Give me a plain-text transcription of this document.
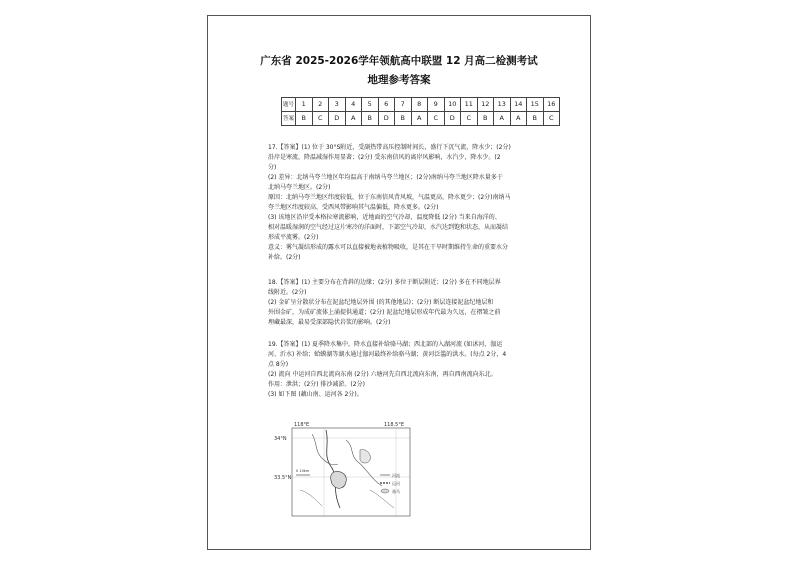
广东省 2025-2026学年领航高中联盟 12 月高二检测考试
地理参考答案
题号	1	2	3	4	5	6	7	8	9	10	11	12	13	14	15	16
答案	B	C	D	A	B	D	B	A	C	D	C	B	A	A	B	C

17.【答案】(1) 位于 30°S附近，受副热带高压控制时间长，盛行下沉气流，降水少；(2分)

沿岸是寒流，降温减湿作用显著；(2分) 受东南信风的离岸风影响，水汽少，降水少。(2

分)

(2) 差异：北纳马夸兰地区年均温高于南纳马夸兰地区；(2分)南纳马夸兰地区降水量多于

北纳马夸兰地区。(2分)

原因：北纳马夸兰地区纬度较低，位于东南信风背风坡，气温更高，降水更少；(2分)南纳马

夸兰地区纬度较高，受西风带影响其气温偏低，降水更多。(2分)

(3) 该地区沿岸受本格拉寒流影响，近地面的空气冷却，温度降低 (2分) 当来自海洋的、

相对温暖湿润的空气经过这片寒冷的洋面时，下部空气冷却，水汽达到饱和状态，从而凝结

形成平流雾。(2分)

意义：雾气凝结形成的露水可以直接被地表植物吸收，是其在干旱时期维持生命的重要水分

补给。(2分)

18.【答案】(1) 主要分布在背斜的边缘；(2分) 多位于断层附近；(2分) 多在不同地层界

线附近。(2分)

(2) 金矿呈分散状分布在泥盆纪地层外围 (的其他地层)；(2分) 断层连接泥盆纪地层和

外围金矿，为成矿流体上涌提供通道；(2分) 泥盆纪地层形成年代最为久远，在褶皱之前

埋藏最深，最易受深部隐伏岩浆的影响。(2分)

19.【答案】(1) 夏季降水集中，降水直接补给骆马湖；西北部的入湖河流 (如沭河、泇运

河、沂水) 补给；蛤蟆湖等湖水通过泇河最终补给骆马湖；黄河泛滥的洪水。(每点 2分，4

点 8分)

(2) 流向 中运河自西北流向东南 (2分) 六塘河先自西北流向东南，再自西南流向东北。

作用：泄洪；(2分) 排沙减淤。(2分)

(3) 如下图 (藕山南、运河各 2分)。

118°E	118.5°E
34°N
33.5°N
0 10km
河流
运河
骆马
